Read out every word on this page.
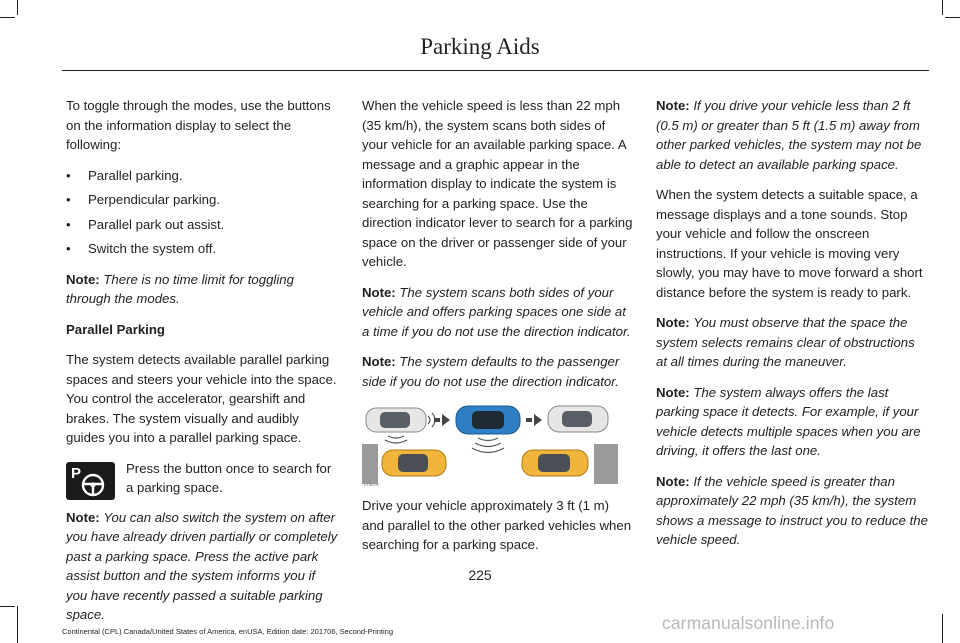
Parking Aids

To toggle through the modes, use the buttons on the information display to select the following:

• Parallel parking.
• Perpendicular parking.
• Parallel park out assist.
• Switch the system off.

Note: There is no time limit for toggling through the modes.

Parallel Parking

The system detects available parallel parking spaces and steers your vehicle into the space. You control the accelerator, gearshift and brakes. The system visually and audibly guides you into a parallel parking space.

P	Press the button once to search for a parking space.

Note: You can also switch the system on after you have already driven partially or completely past a parking space. Press the active park assist button and the system informs you if you have recently passed a suitable parking space.

When the vehicle speed is less than 22 mph (35 km/h), the system scans both sides of your vehicle for an available parking space. A message and a graphic appear in the information display to indicate the system is searching for a parking space. Use the direction indicator lever to search for a parking space on the driver or passenger side of your vehicle.

Note: The system scans both sides of your vehicle and offers parking spaces one side at a time if you do not use the direction indicator.

Note: The system defaults to the passenger side if you do not use the direction indicator.

E186187

Drive your vehicle approximately 3 ft (1 m) and parallel to the other parked vehicles when searching for a parking space.

Note: If you drive your vehicle less than 2 ft (0.5 m) or greater than 5 ft (1.5 m) away from other parked vehicles, the system may not be able to detect an available parking space.

When the system detects a suitable space, a message displays and a tone sounds. Stop your vehicle and follow the onscreen instructions. If your vehicle is moving very slowly, you may have to move forward a short distance before the system is ready to park.

Note: You must observe that the space the system selects remains clear of obstructions at all times during the maneuver.

Note: The system always offers the last parking space it detects. For example, if your vehicle detects multiple spaces when you are driving, it offers the last one.

Note: If the vehicle speed is greater than approximately 22 mph (35 km/h), the system shows a message to instruct you to reduce the vehicle speed.

225
Continental (CPL) Canada/United States of America, enUSA, Edition date: 201706, Second-Printing	carmanualsonline.info
